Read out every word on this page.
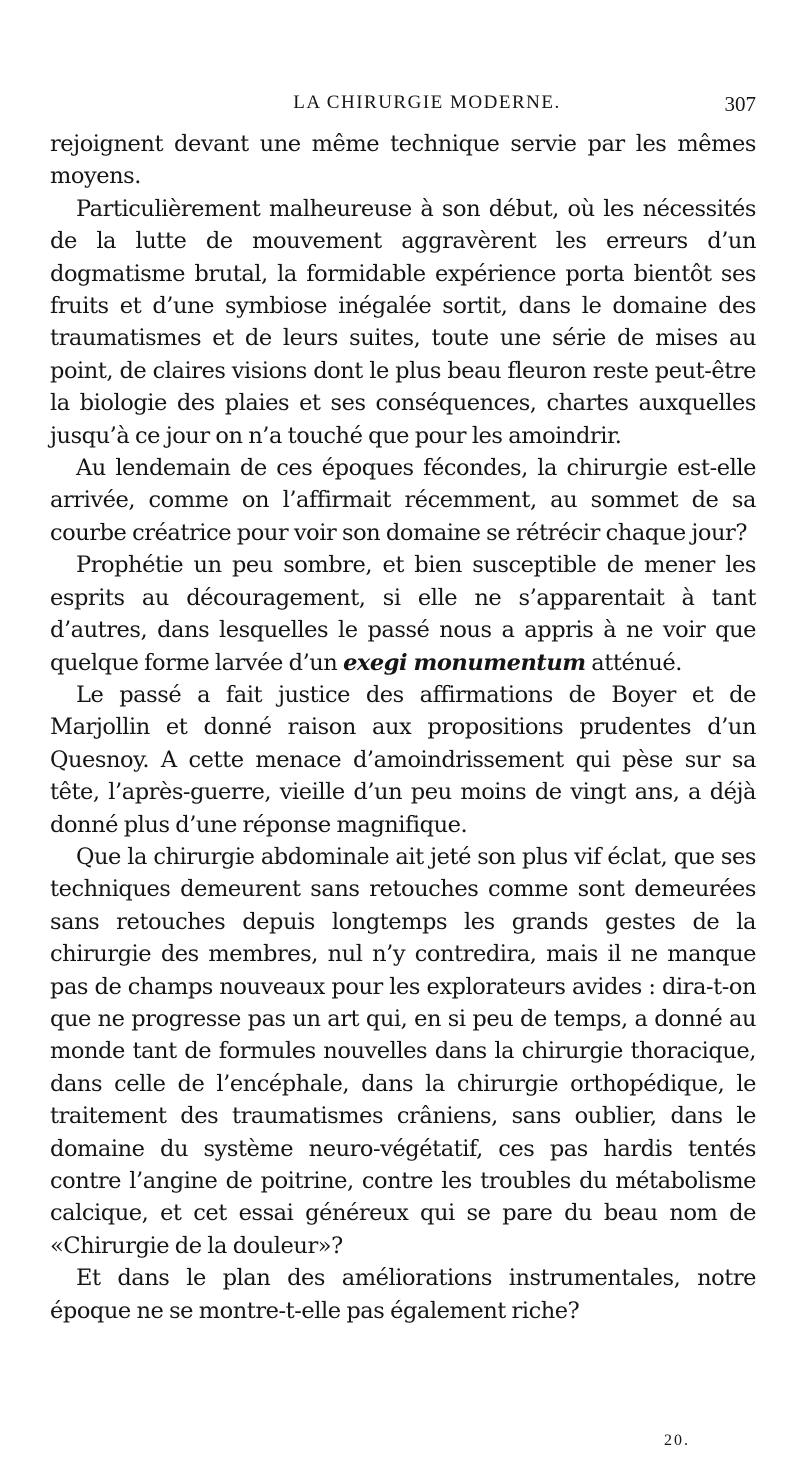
LA CHIRURGIE MODERNE.	307

rejoignent devant une même technique servie par les mêmes moyens.

Particulièrement malheureuse à son début, où les nécessités de la lutte de mouvement aggravèrent les erreurs d’un dogmatisme brutal, la formidable expérience porta bientôt ses fruits et d’une symbiose inégalée sortit, dans le domaine des traumatismes et de leurs suites, toute une série de mises au point, de claires visions dont le plus beau fleuron reste peut-être la biologie des plaies et ses conséquences, chartes auxquelles jusqu’à ce jour on n’a touché que pour les amoindrir.

Au lendemain de ces époques fécondes, la chirurgie est-elle arrivée, comme on l’affirmait récemment, au sommet de sa courbe créatrice pour voir son domaine se rétrécir chaque jour?

Prophétie un peu sombre, et bien susceptible de mener les esprits au découragement, si elle ne s’apparentait à tant d’autres, dans lesquelles le passé nous a appris à ne voir que quelque forme larvée d’un exegi monumentum atténué.

Le passé a fait justice des affirmations de Boyer et de Marjollin et donné raison aux propositions prudentes d’un Quesnoy. A cette menace d’amoindrissement qui pèse sur sa tête, l’après-guerre, vieille d’un peu moins de vingt ans, a déjà donné plus d’une réponse magnifique.

Que la chirurgie abdominale ait jeté son plus vif éclat, que ses techniques demeurent sans retouches comme sont demeurées sans retouches depuis longtemps les grands gestes de la chirurgie des membres, nul n’y contredira, mais il ne manque pas de champs nouveaux pour les explorateurs avides : dira-t-on que ne progresse pas un art qui, en si peu de temps, a donné au monde tant de formules nouvelles dans la chirurgie thoracique, dans celle de l’encéphale, dans la chirurgie orthopédique, le traitement des traumatismes crâniens, sans oublier, dans le domaine du système neuro-végétatif, ces pas hardis tentés contre l’angine de poitrine, contre les troubles du métabolisme calcique, et cet essai généreux qui se pare du beau nom de «Chirurgie de la douleur»?

Et dans le plan des améliorations instrumentales, notre époque ne se montre-t-elle pas également riche?

20.
